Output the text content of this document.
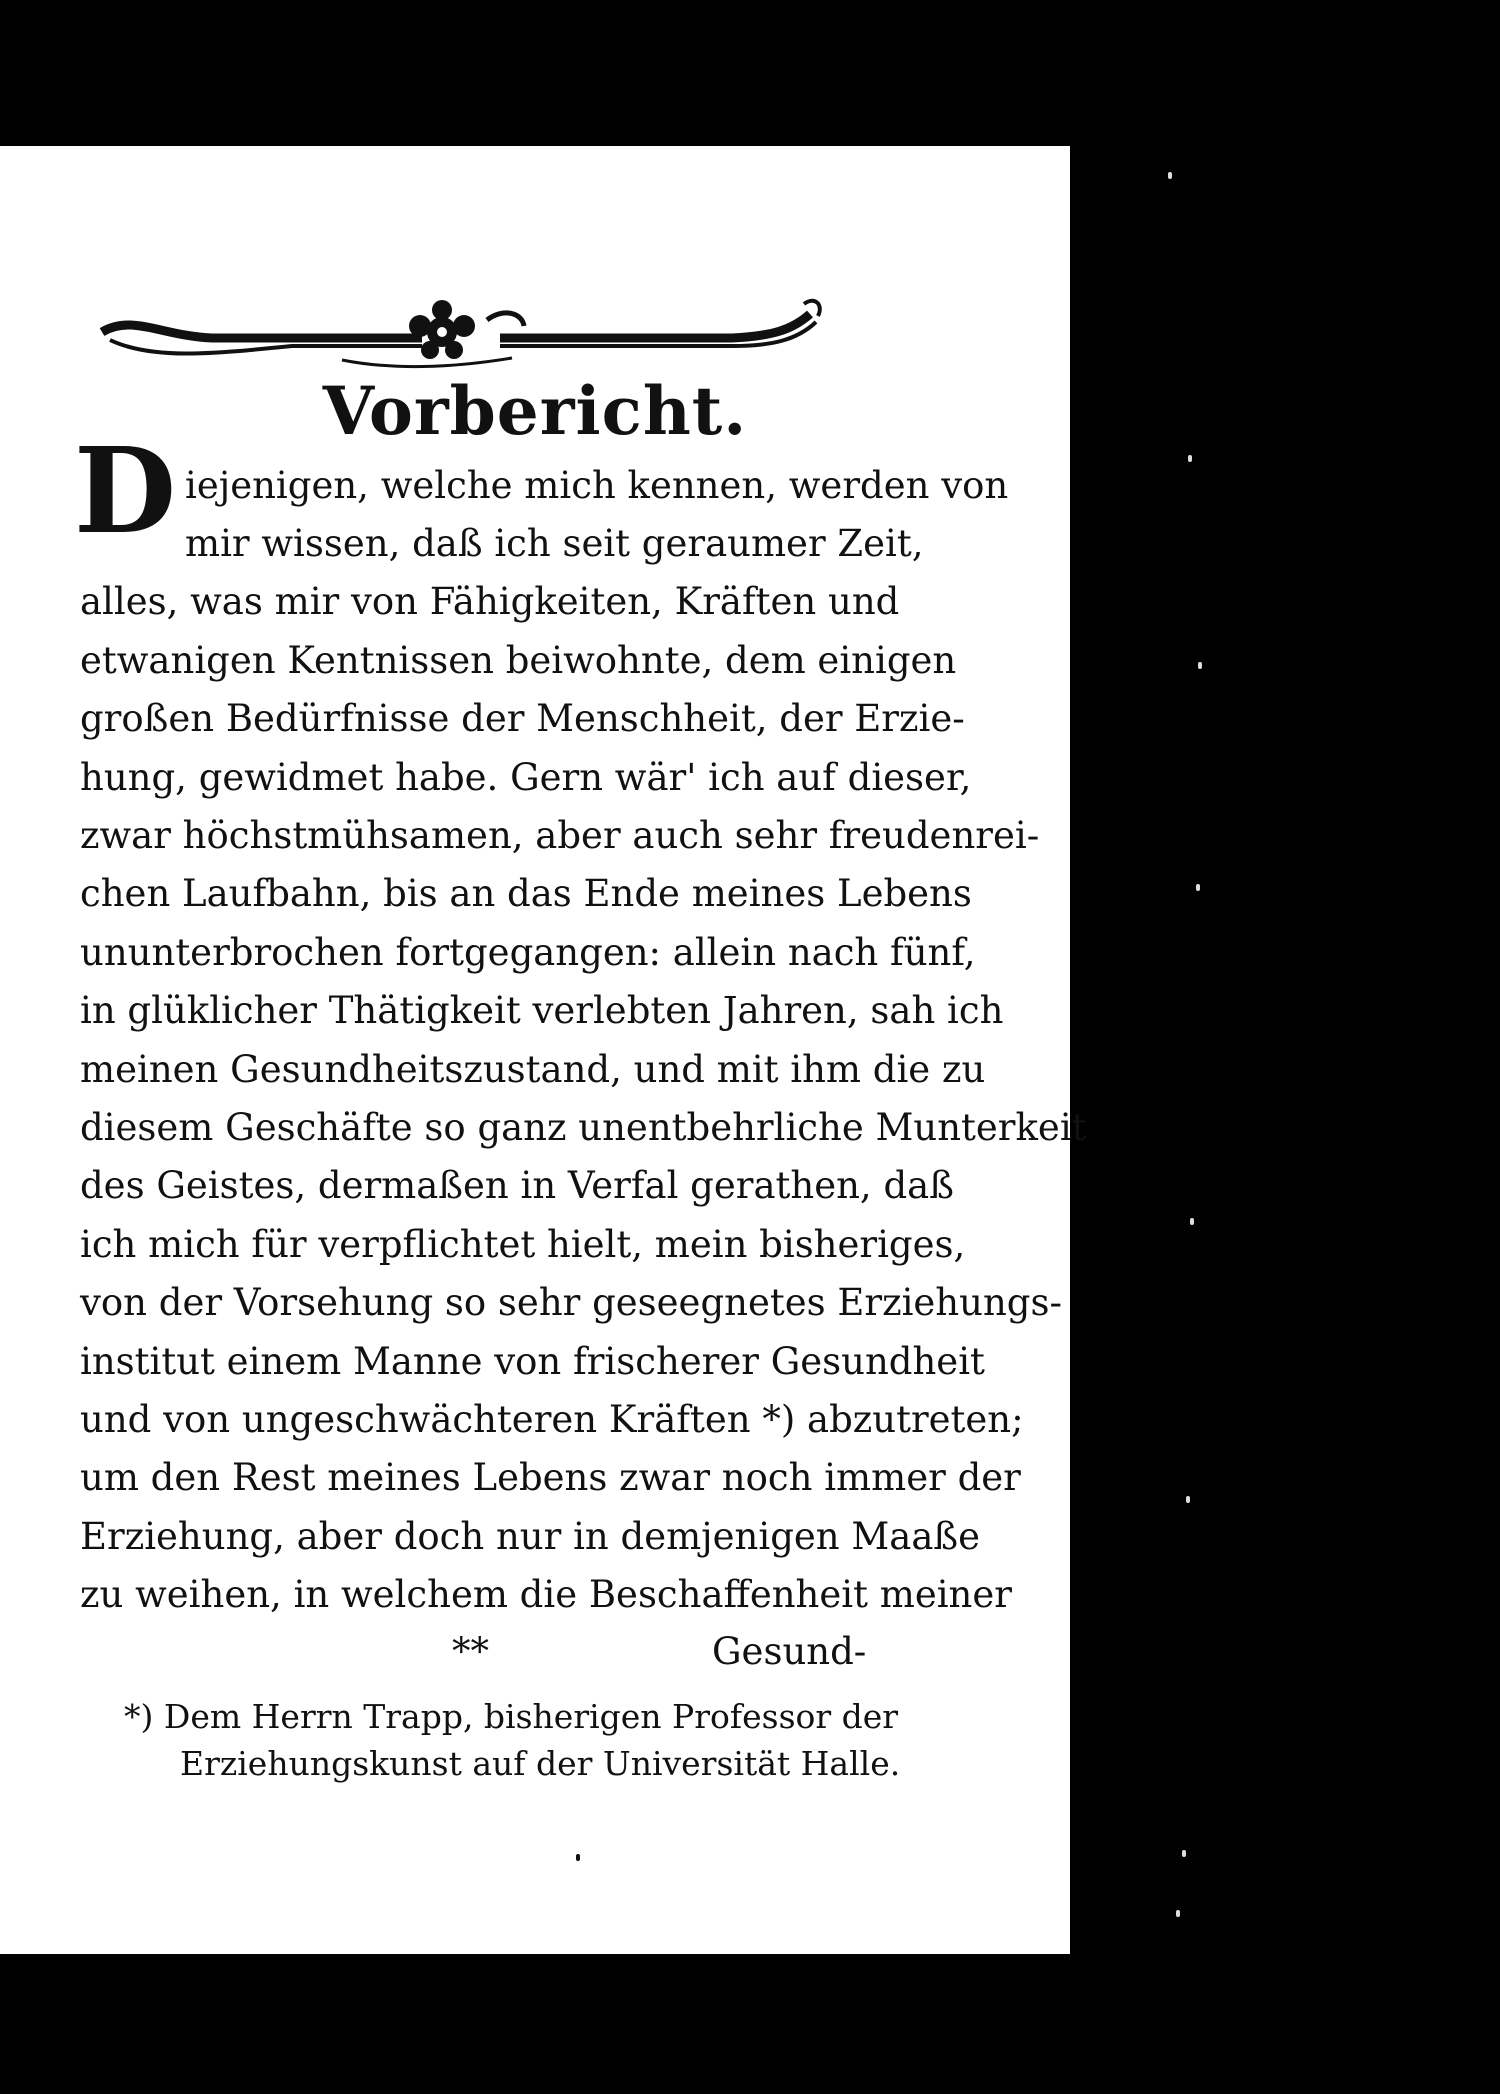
Vorbericht.
D iejenigen, welche mich kennen, werden von
mir wissen, daß ich seit geraumer Zeit,
alles, was mir von Fähigkeiten, Kräften und
etwanigen Kentnissen beiwohnte, dem einigen
großen Bedürfnisse der Menschheit, der Erzie-
hung, gewidmet habe. Gern wär' ich auf dieser,
zwar höchstmühsamen, aber auch sehr freudenrei-
chen Laufbahn, bis an das Ende meines Lebens
ununterbrochen fortgegangen: allein nach fünf,
in glüklicher Thätigkeit verlebten Jahren, sah ich
meinen Gesundheitszustand, und mit ihm die zu
diesem Geschäfte so ganz unentbehrliche Munterkeit
des Geistes, dermaßen in Verfal gerathen, daß
ich mich für verpflichtet hielt, mein bisheriges,
von der Vorsehung so sehr geseegnetes Erziehungs-
institut einem Manne von frischerer Gesundheit
und von ungeschwächteren Kräften *) abzutreten;
um den Rest meines Lebens zwar noch immer der
Erziehung, aber doch nur in demjenigen Maaße
zu weihen, in welchem die Beschaffenheit meiner
**	Gesund-
*) Dem Herrn Trapp, bisherigen Professor der
Erziehungskunst auf der Universität Halle.
